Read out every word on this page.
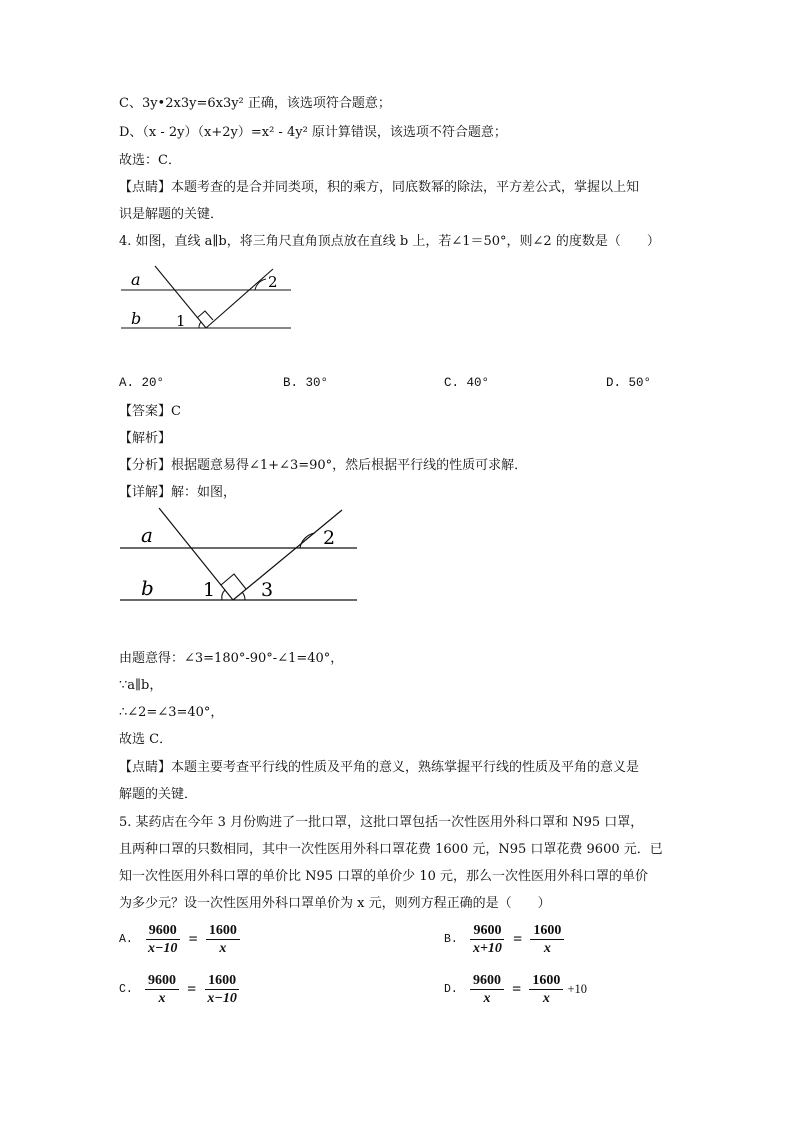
C、3y•2x3y=6x3y² 正确，该选项符合题意；
D、（x - 2y）（x+2y）=x² - 4y² 原计算错误，该选项不符合题意；
故选：C．
【点睛】本题考查的是合并同类项，积的乘方，同底数幂的除法，平方差公式，掌握以上知
识是解题的关键．
4. 如图，直线 a∥b，将三角尺直角顶点放在直线 b 上，若∠1＝50°，则∠2 的度数是（　　）
a
b 1
2
A. 20°	B. 30°	C. 40°	D. 50°
【答案】C
【解析】
【分析】根据题意易得∠1+∠3=90°，然后根据平行线的性质可求解．
【详解】解：如图，
a
b	1
2
3
由题意得：∠3=180°-90°-∠1=40°，
∵a∥b，
∴∠2=∠3=40°，
故选 C．
【点睛】本题主要考查平行线的性质及平角的意义，熟练掌握平行线的性质及平角的意义是
解题的关键．
5. 某药店在今年 3 月份购进了一批口罩，这批口罩包括一次性医用外科口罩和 N95 口罩，
且两种口罩的只数相同，其中一次性医用外科口罩花费 1600 元，N95 口罩花费 9600 元．已
知一次性医用外科口罩的单价比 N95 口罩的单价少 10 元，那么一次性医用外科口罩的单价
为多少元？设一次性医用外科口罩单价为 x 元，则列方程正确的是（　　）
A. $\frac{9600}{x-10} = \frac{1600}{x}$	B. $\frac{9600}{x+10} = \frac{1600}{x}$
C. $\frac{9600}{x} = \frac{1600}{x-10}$	D. $\frac{9600}{x} = \frac{1600}{x} +10$
